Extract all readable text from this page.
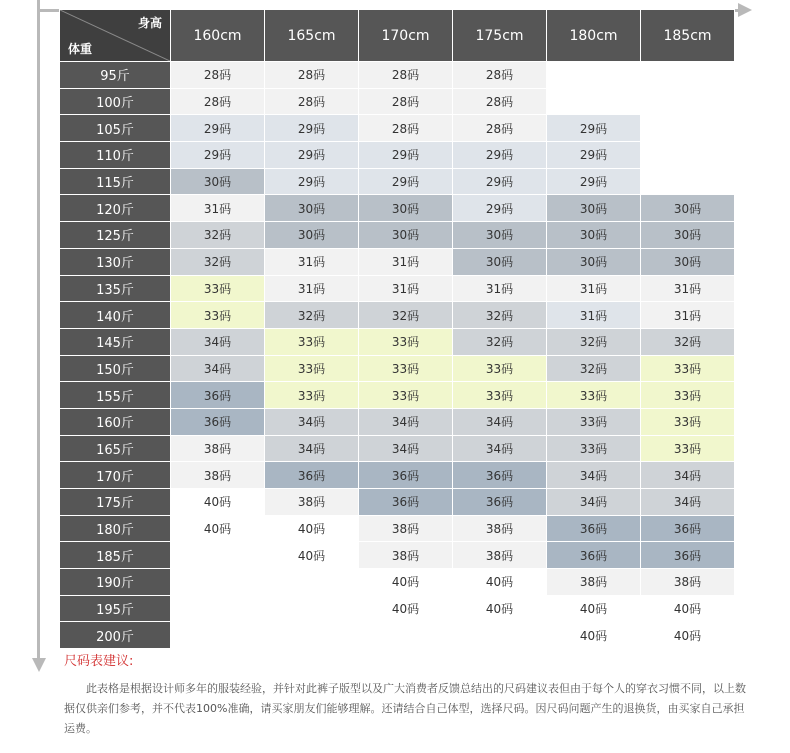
身高
体重	160cm	165cm	170cm	175cm	180cm	185cm
95斤	28码	28码	28码	28码		
100斤	28码	28码	28码	28码		
105斤	29码	29码	28码	28码	29码	
110斤	29码	29码	29码	29码	29码	
115斤	30码	29码	29码	29码	29码	
120斤	31码	30码	30码	29码	30码	30码
125斤	32码	30码	30码	30码	30码	30码
130斤	32码	31码	31码	30码	30码	30码
135斤	33码	31码	31码	31码	31码	31码
140斤	33码	32码	32码	32码	31码	31码
145斤	34码	33码	33码	32码	32码	32码
150斤	34码	33码	33码	33码	32码	33码
155斤	36码	33码	33码	33码	33码	33码
160斤	36码	34码	34码	34码	33码	33码
165斤	38码	34码	34码	34码	33码	33码
170斤	38码	36码	36码	36码	34码	34码
175斤	40码	38码	36码	36码	34码	34码
180斤	40码	40码	38码	38码	36码	36码
185斤		40码	38码	38码	36码	36码
190斤			40码	40码	38码	38码
195斤			40码	40码	40码	40码
200斤					40码	40码
尺码表建议:
此表格是根据设计师多年的服装经验，并针对此裤子版型以及广大消费者反馈总结出的尺码建议表但由于每个人的穿衣习惯不同，以上数据仅供亲们参考，并不代表100%准确，请买家朋友们能够理解。还请结合自己体型，选择尺码。因尺码问题产生的退换货，由买家自己承担运费。
